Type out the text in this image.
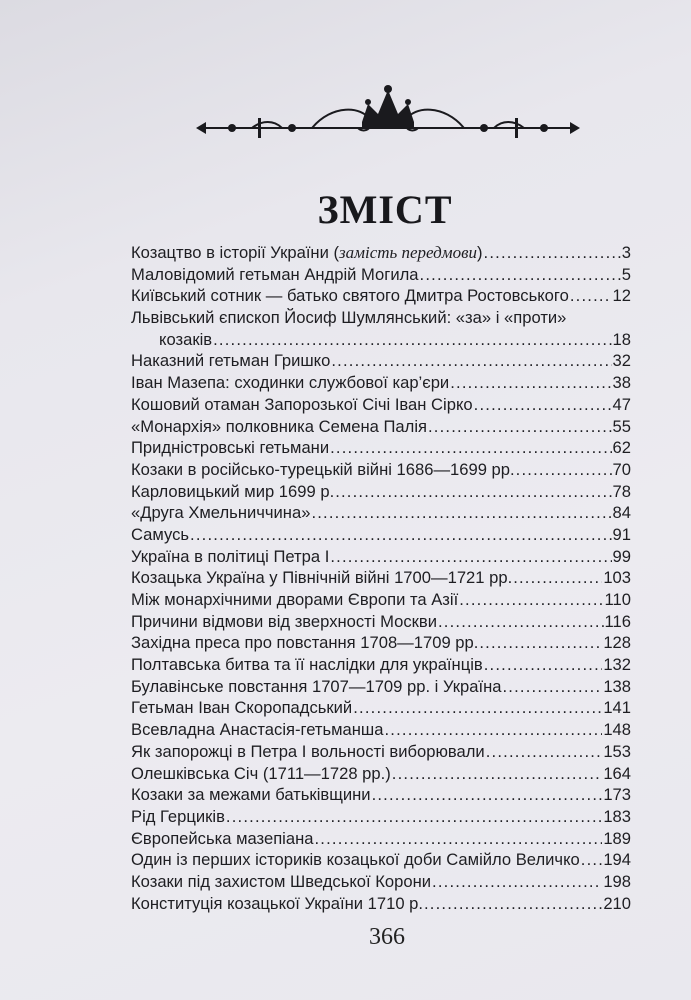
ЗМІСТ
Козацтво в історії України (замість передмови) .....	3
Маловідомий гетьман Андрій Могила .....	5
Київський сотник — батько святого Дмитра Ростовського .....	12
Львівський єпископ Йосиф Шумлянський: «за» і «проти»
козаків .....	18
Наказний гетьман Гришко .....	32
Іван Мазепа: сходинки службової кар’єри .....	38
Кошовий отаман Запорозької Січі Іван Сірко .....	47
«Монархія» полковника Семена Палія .....	55
Придністровські гетьмани .....	62
Козаки в російсько-турецькій війні 1686—1699 рр. .....	70
Карловицький мир 1699 р. .....	78
«Друга Хмельниччина» .....	84
Самусь .....	91
Україна в політиці Петра І .....	99
Козацька Україна у Північній війні 1700—1721 рр. .....	103
Між монархічними дворами Європи та Азії .....	110
Причини відмови від зверхності Москви .....	116
Західна преса про повстання 1708—1709 рр. .....	128
Полтавська битва та її наслідки для українців .....	132
Булавінське повстання 1707—1709 рр. і Україна .....	138
Гетьман Іван Скоропадський .....	141
Всевладна Анастасія-гетьманша .....	148
Як запорожці в Петра І вольності виборювали .....	153
Олешківська Січ (1711—1728 рр.) .....	164
Козаки за межами батьківщини .....	173
Рід Герциків .....	183
Європейська мазепіана .....	189
Один із перших істориків козацької доби Самійло Величко ..... 194
Козаки під захистом Шведської Корони .....	198
Конституція козацької України 1710 р. .....	210
366
